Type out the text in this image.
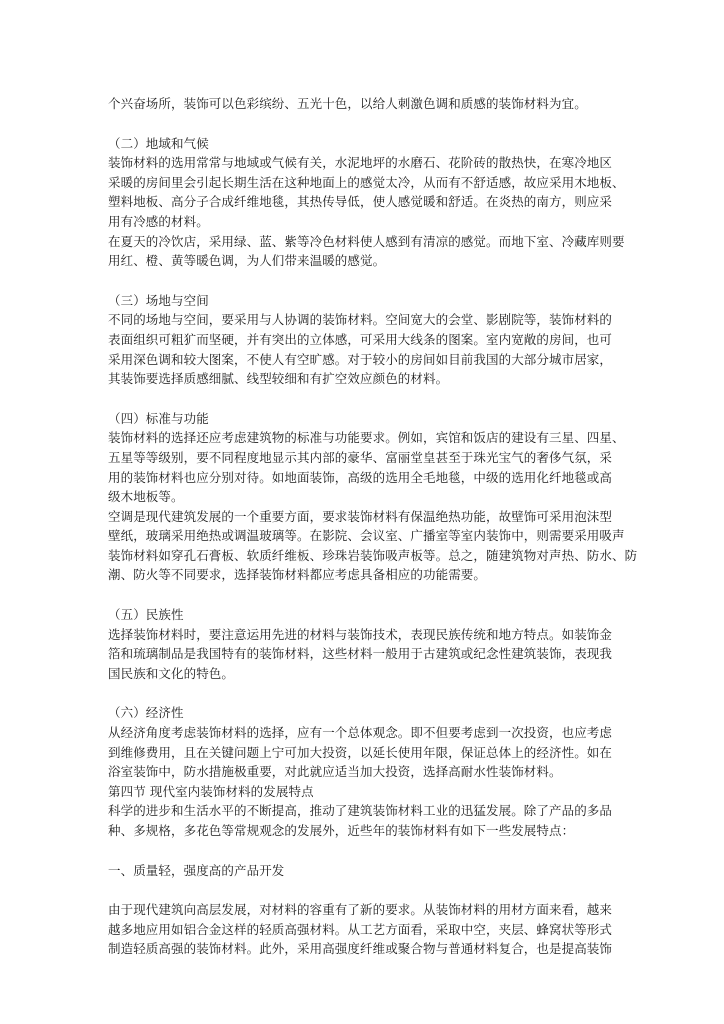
个兴奋场所，装饰可以色彩缤纷、五光十色，以给人刺激色调和质感的装饰材料为宜。
（二）地域和气候
装饰材料的选用常常与地域或气候有关，水泥地坪的水磨石、花阶砖的散热快，在寒冷地区
采暖的房间里会引起长期生活在这种地面上的感觉太冷，从而有不舒适感，故应采用木地板、
塑料地板、高分子合成纤维地毯，其热传导低，使人感觉暖和舒适。在炎热的南方，则应采
用有冷感的材料。
在夏天的冷饮店，采用绿、蓝、紫等冷色材料使人感到有清凉的感觉。而地下室、冷藏库则要
用红、橙、黄等暖色调，为人们带来温暖的感觉。
（三）场地与空间
不同的场地与空间，要采用与人协调的装饰材料。空间宽大的会堂、影剧院等，装饰材料的
表面组织可粗犷而坚硬，并有突出的立体感，可采用大线条的图案。室内宽敞的房间，也可
采用深色调和较大图案，不使人有空旷感。对于较小的房间如目前我国的大部分城市居家，
其装饰要选择质感细腻、线型较细和有扩空效应颜色的材料。
（四）标准与功能
装饰材料的选择还应考虑建筑物的标准与功能要求。例如，宾馆和饭店的建设有三星、四星、
五星等等级别，要不同程度地显示其内部的豪华、富丽堂皇甚至于珠光宝气的奢侈气氛，采
用的装饰材料也应分别对待。如地面装饰，高级的选用全毛地毯，中级的选用化纤地毯或高
级木地板等。
空调是现代建筑发展的一个重要方面，要求装饰材料有保温绝热功能，故壁饰可采用泡沫型
壁纸，玻璃采用绝热或调温玻璃等。在影院、会议室、广播室等室内装饰中，则需要采用吸声
装饰材料如穿孔石膏板、软质纤维板、珍珠岩装饰吸声板等。总之，随建筑物对声热、防水、防
潮、防火等不同要求，选择装饰材料都应考虑具备相应的功能需要。
（五）民族性
选择装饰材料时，要注意运用先进的材料与装饰技术，表现民族传统和地方特点。如装饰金
箔和琉璃制品是我国特有的装饰材料，这些材料一般用于古建筑或纪念性建筑装饰，表现我
国民族和文化的特色。
（六）经济性
从经济角度考虑装饰材料的选择，应有一个总体观念。即不但要考虑到一次投资，也应考虑
到维修费用，且在关键问题上宁可加大投资，以延长使用年限，保证总体上的经济性。如在
浴室装饰中，防水措施极重要，对此就应适当加大投资，选择高耐水性装饰材料。
第四节 现代室内装饰材料的发展特点
科学的进步和生活水平的不断提高，推动了建筑装饰材料工业的迅猛发展。除了产品的多品
种、多规格，多花色等常规观念的发展外，近些年的装饰材料有如下一些发展特点：
一、质量轻，强度高的产品开发
由于现代建筑向高层发展，对材料的容重有了新的要求。从装饰材料的用材方面来看，越来
越多地应用如铝合金这样的轻质高强材料。从工艺方面看，采取中空，夹层、蜂窝状等形式
制造轻质高强的装饰材料。此外，采用高强度纤维或聚合物与普通材料复合，也是提高装饰
